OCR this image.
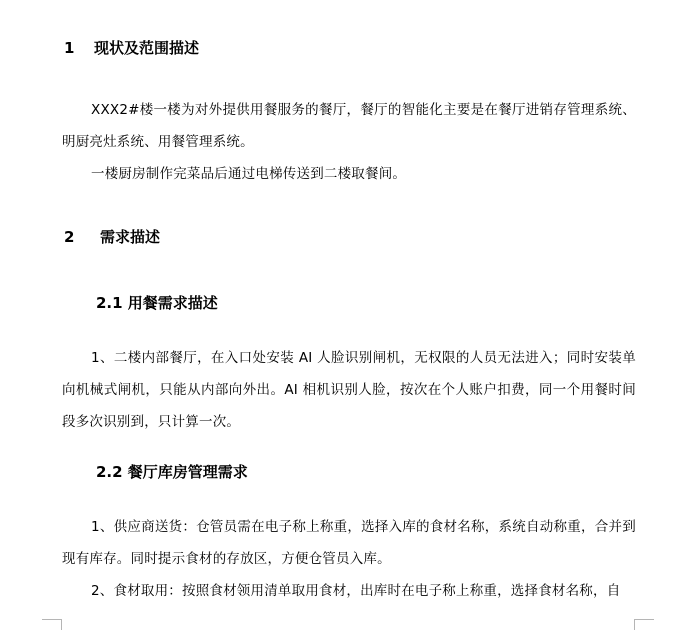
1 现状及范围描述
XXX2#楼一楼为对外提供用餐服务的餐厅，餐厅的智能化主要是在餐厅进销存管理系统、明厨亮灶系统、用餐管理系统。
一楼厨房制作完菜品后通过电梯传送到二楼取餐间。
2 需求描述
2.1 用餐需求描述
1、二楼内部餐厅，在入口处安装 AI 人脸识别闸机，无权限的人员无法进入；同时安装单向机械式闸机，只能从内部向外出。AI 相机识别人脸，按次在个人账户扣费，同一个用餐时间段多次识别到，只计算一次。
2.2 餐厅库房管理需求
1、供应商送货：仓管员需在电子称上称重，选择入库的食材名称，系统自动称重，合并到现有库存。同时提示食材的存放区，方便仓管员入库。
2、食材取用：按照食材领用清单取用食材，出库时在电子称上称重，选择食材名称，自
